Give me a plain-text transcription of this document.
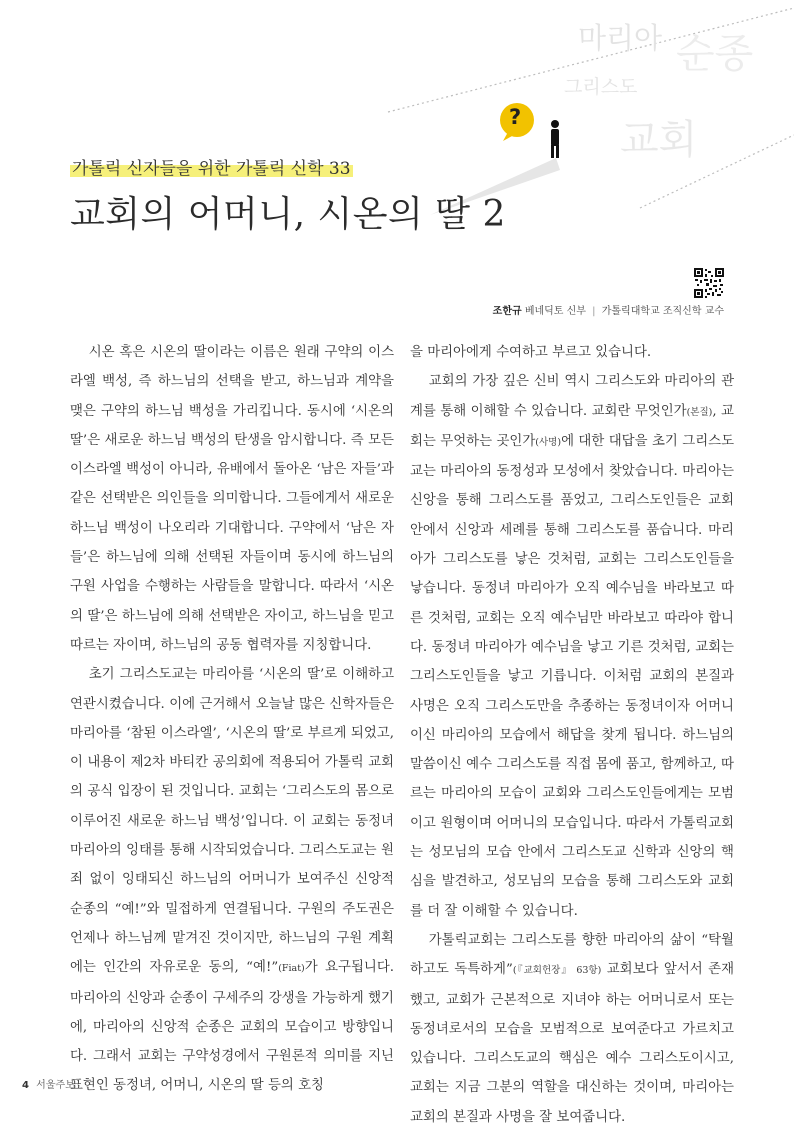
마리아 순종
그리스도
교회
?
가톨릭 신자들을 위한 가톨릭 신학 33
교회의 어머니, 시온의 딸 2
조한규 베네딕토 신부 | 가톨릭대학교 조직신학 교수

시온 혹은 시온의 딸이라는 이름은 원래 구약의 이스라엘 백성, 즉 하느님의 선택을 받고, 하느님과 계약을 맺은 구약의 하느님 백성을 가리킵니다. 동시에 ‘시온의 딸’은 새로운 하느님 백성의 탄생을 암시합니다. 즉 모든 이스라엘 백성이 아니라, 유배에서 돌아온 ‘남은 자들’과 같은 선택받은 의인들을 의미합니다. 그들에게서 새로운 하느님 백성이 나오리라 기대합니다. 구약에서 ‘남은 자들’은 하느님에 의해 선택된 자들이며 동시에 하느님의 구원 사업을 수행하는 사람들을 말합니다. 따라서 ‘시온의 딸’은 하느님에 의해 선택받은 자이고, 하느님을 믿고 따르는 자이며, 하느님의 공동 협력자를 지칭합니다.

초기 그리스도교는 마리아를 ‘시온의 딸’로 이해하고 연관시켰습니다. 이에 근거해서 오늘날 많은 신학자들은 마리아를 ‘참된 이스라엘’, ‘시온의 딸’로 부르게 되었고, 이 내용이 제2차 바티칸 공의회에 적용되어 가톨릭 교회의 공식 입장이 된 것입니다. 교회는 ‘그리스도의 몸으로 이루어진 새로운 하느님 백성’입니다. 이 교회는 동정녀 마리아의 잉태를 통해 시작되었습니다. 그리스도교는 원죄 없이 잉태되신 하느님의 어머니가 보여주신 신앙적 순종의 “예!”와 밀접하게 연결됩니다. 구원의 주도권은 언제나 하느님께 맡겨진 것이지만, 하느님의 구원 계획에는 인간의 자유로운 동의, “예!”(Fiat)가 요구됩니다. 마리아의 신앙과 순종이 구세주의 강생을 가능하게 했기에, 마리아의 신앙적 순종은 교회의 모습이고 방향입니다. 그래서 교회는 구약성경에서 구원론적 의미를 지닌 표현인 동정녀, 어머니, 시온의 딸 등의 호칭

을 마리아에게 수여하고 부르고 있습니다.

교회의 가장 깊은 신비 역시 그리스도와 마리아의 관계를 통해 이해할 수 있습니다. 교회란 무엇인가(본질), 교회는 무엇하는 곳인가(사명)에 대한 대답을 초기 그리스도교는 마리아의 동정성과 모성에서 찾았습니다. 마리아는 신앙을 통해 그리스도를 품었고, 그리스도인들은 교회 안에서 신앙과 세례를 통해 그리스도를 품습니다. 마리아가 그리스도를 낳은 것처럼, 교회는 그리스도인들을 낳습니다. 동정녀 마리아가 오직 예수님을 바라보고 따른 것처럼, 교회는 오직 예수님만 바라보고 따라야 합니다. 동정녀 마리아가 예수님을 낳고 기른 것처럼, 교회는 그리스도인들을 낳고 기릅니다. 이처럼 교회의 본질과 사명은 오직 그리스도만을 추종하는 동정녀이자 어머니이신 마리아의 모습에서 해답을 찾게 됩니다. 하느님의 말씀이신 예수 그리스도를 직접 몸에 품고, 함께하고, 따르는 마리아의 모습이 교회와 그리스도인들에게는 모범이고 원형이며 어머니의 모습입니다. 따라서 가톨릭교회는 성모님의 모습 안에서 그리스도교 신학과 신앙의 핵심을 발견하고, 성모님의 모습을 통해 그리스도와 교회를 더 잘 이해할 수 있습니다.

가톨릭교회는 그리스도를 향한 마리아의 삶이 “탁월하고도 독특하게”(『교회헌장』 63항) 교회보다 앞서서 존재했고, 교회가 근본적으로 지녀야 하는 어머니로서 또는 동정녀로서의 모습을 모범적으로 보여준다고 가르치고 있습니다. 그리스도교의 핵심은 예수 그리스도이시고, 교회는 지금 그분의 역할을 대신하는 것이며, 마리아는 교회의 본질과 사명을 잘 보여줍니다.

4 서울주보
